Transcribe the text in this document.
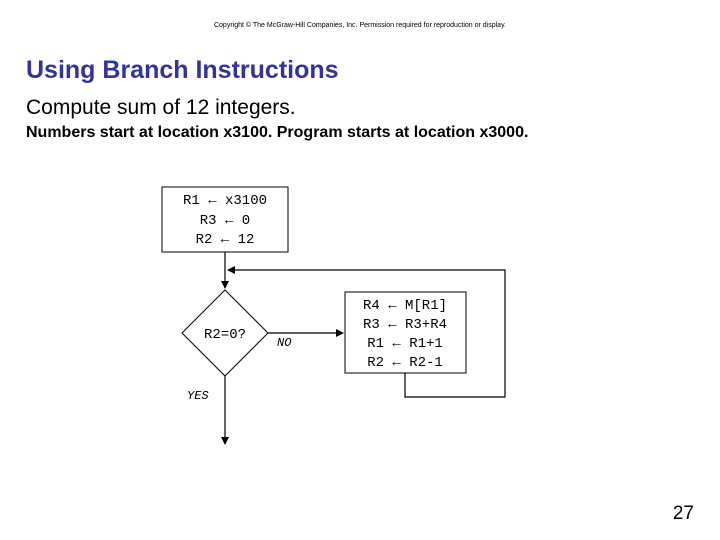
Copyright © The McGraw-Hill Companies, Inc. Permission required for reproduction or display.
Using Branch Instructions
Compute sum of 12 integers.
Numbers start at location x3100. Program starts at location x3000.
R1 ← x3100
R3 ← 0
R2 ← 12
R2=0?	NO
R4 ← M[R1]
R3 ← R3+R4
R1 ← R1+1
R2 ← R2-1
YES
27
